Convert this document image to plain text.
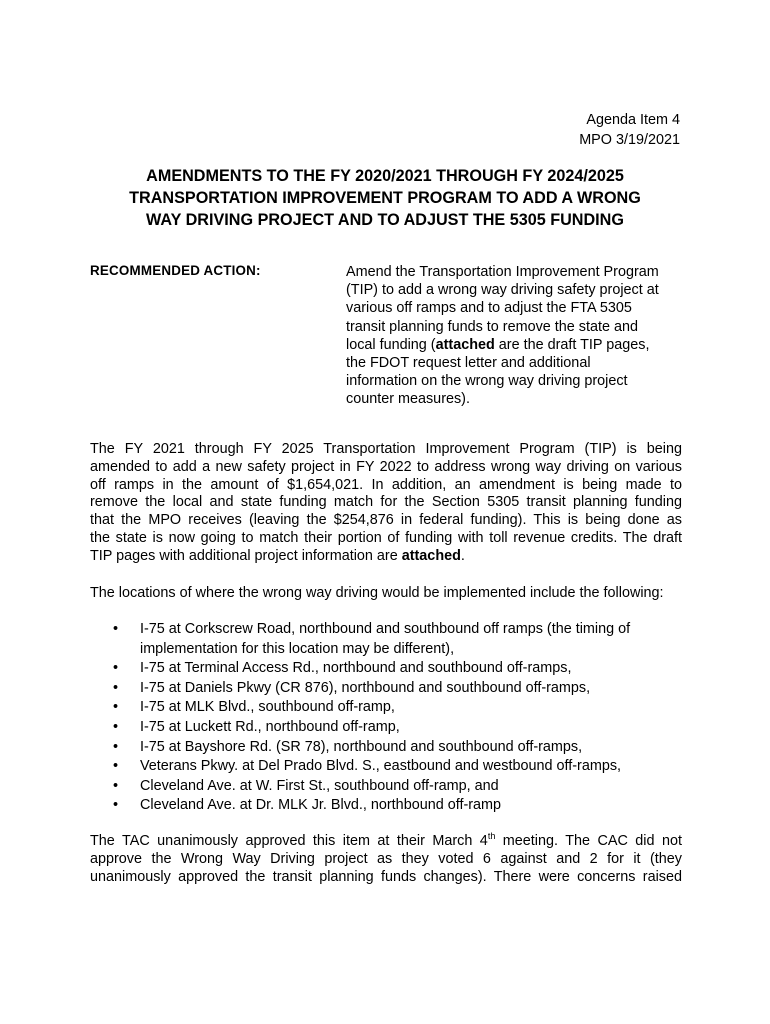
Agenda Item 4
MPO 3/19/2021
AMENDMENTS TO THE FY 2020/2021 THROUGH FY 2024/2025
TRANSPORTATION IMPROVEMENT PROGRAM TO ADD A WRONG
WAY DRIVING PROJECT AND TO ADJUST THE 5305 FUNDING
RECOMMENDED ACTION:	Amend the Transportation Improvement Program
(TIP) to add a wrong way driving safety project at
various off ramps and to adjust the FTA 5305
transit planning funds to remove the state and
local funding (attached are the draft TIP pages,
the FDOT request letter and additional
information on the wrong way driving project
counter measures).
The FY 2021 through FY 2025 Transportation Improvement Program (TIP) is being
amended to add a new safety project in FY 2022 to address wrong way driving on various
off ramps in the amount of $1,654,021. In addition, an amendment is being made to
remove the local and state funding match for the Section 5305 transit planning funding
that the MPO receives (leaving the $254,876 in federal funding). This is being done as
the state is now going to match their portion of funding with toll revenue credits. The draft
TIP pages with additional project information are attached.
The locations of where the wrong way driving would be implemented include the following:
• I-75 at Corkscrew Road, northbound and southbound off ramps (the timing of
implementation for this location may be different),
• I-75 at Terminal Access Rd., northbound and southbound off-ramps,
• I-75 at Daniels Pkwy (CR 876), northbound and southbound off-ramps,
• I-75 at MLK Blvd., southbound off-ramp,
• I-75 at Luckett Rd., northbound off-ramp,
• I-75 at Bayshore Rd. (SR 78), northbound and southbound off-ramps,
• Veterans Pkwy. at Del Prado Blvd. S., eastbound and westbound off-ramps,
• Cleveland Ave. at W. First St., southbound off-ramp, and
• Cleveland Ave. at Dr. MLK Jr. Blvd., northbound off-ramp
The TAC unanimously approved this item at their March 4th meeting. The CAC did not
approve the Wrong Way Driving project as they voted 6 against and 2 for it (they
unanimously approved the transit planning funds changes). There were concerns raised
